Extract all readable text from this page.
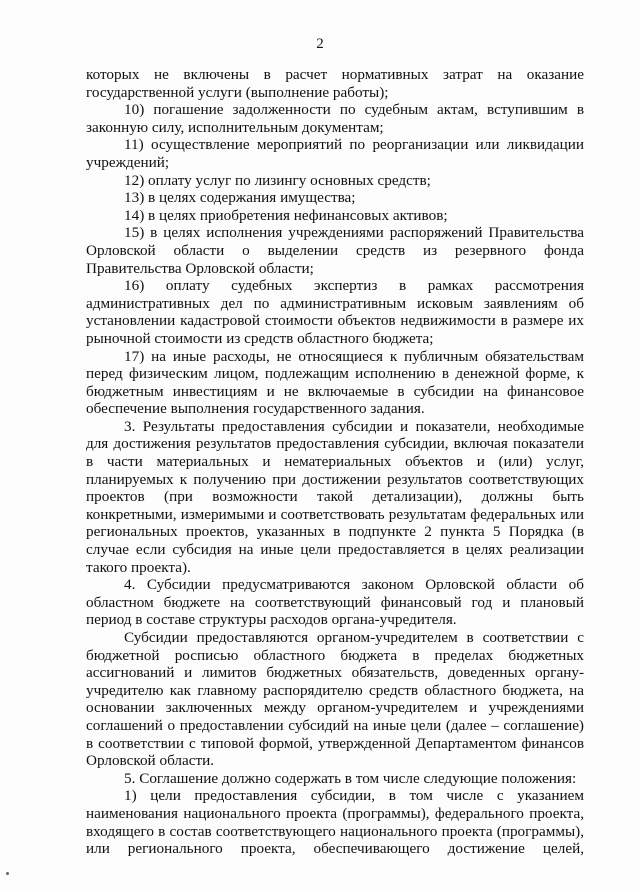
2

которых не включены в расчет нормативных затрат на оказание государственной услуги (выполнение работы);

10) погашение задолженности по судебным актам, вступившим в законную силу, исполнительным документам;

11) осуществление мероприятий по реорганизации или ликвидации учреждений;

12) оплату услуг по лизингу основных средств;

13) в целях содержания имущества;

14) в целях приобретения нефинансовых активов;

15) в целях исполнения учреждениями распоряжений Правительства Орловской области о выделении средств из резервного фонда Правительства Орловской области;

16) оплату судебных экспертиз в рамках рассмотрения административных дел по административным исковым заявлениям об установлении кадастровой стоимости объектов недвижимости в размере их рыночной стоимости из средств областного бюджета;

17) на иные расходы, не относящиеся к публичным обязательствам перед физическим лицом, подлежащим исполнению в денежной форме, к бюджетным инвестициям и не включаемые в субсидии на финансовое обеспечение выполнения государственного задания.

3. Результаты предоставления субсидии и показатели, необходимые для достижения результатов предоставления субсидии, включая показатели в части материальных и нематериальных объектов и (или) услуг, планируемых к получению при достижении результатов соответствующих проектов (при возможности такой детализации), должны быть конкретными, измеримыми и соответствовать результатам федеральных или региональных проектов, указанных в подпункте 2 пункта 5 Порядка (в случае если субсидия на иные цели предоставляется в целях реализации такого проекта).

4. Субсидии предусматриваются законом Орловской области об областном бюджете на соответствующий финансовый год и плановый период в составе структуры расходов органа-учредителя.

Субсидии предоставляются органом-учредителем в соответствии с бюджетной росписью областного бюджета в пределах бюджетных ассигнований и лимитов бюджетных обязательств, доведенных органу-учредителю как главному распорядителю средств областного бюджета, на основании заключенных между органом-учредителем и учреждениями соглашений о предоставлении субсидий на иные цели (далее – соглашение) в соответствии с типовой формой, утвержденной Департаментом финансов Орловской области.

5. Соглашение должно содержать в том числе следующие положения:

1) цели предоставления субсидии, в том числе с указанием наименования национального проекта (программы), федерального проекта, входящего в состав соответствующего национального проекта (программы), или регионального проекта, обеспечивающего достижение целей,
